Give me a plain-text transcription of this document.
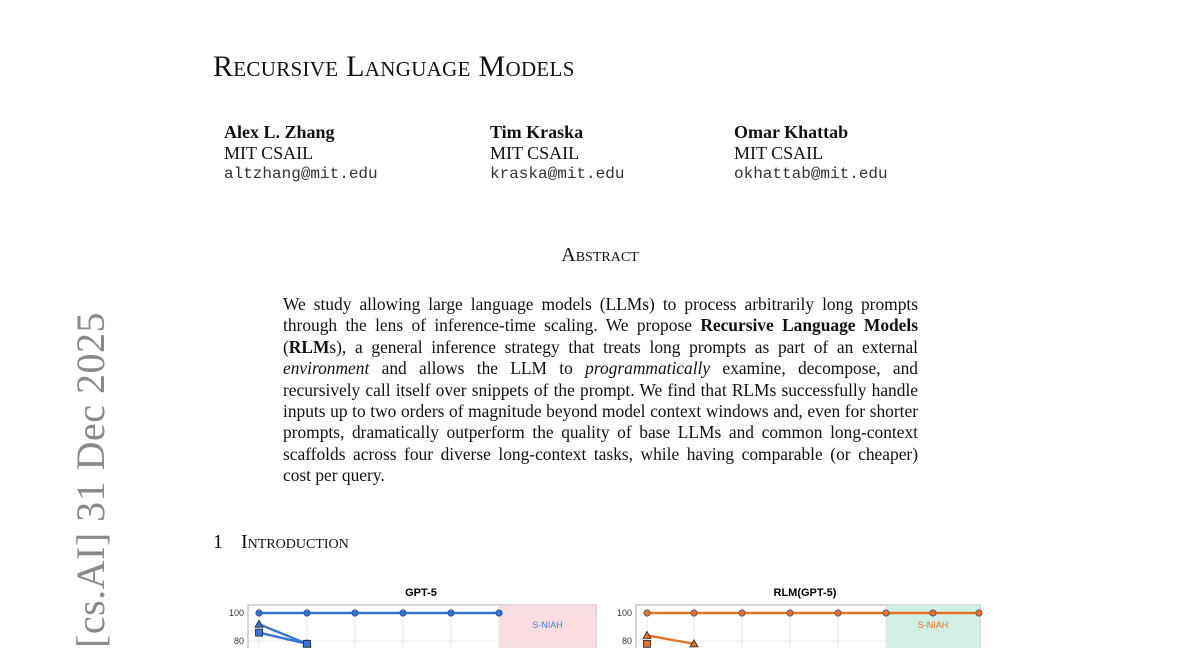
[cs.AI] 31 Dec 2025
Recursive Language Models
Alex L. Zhang
MIT CSAIL
altzhang@mit.edu
Tim Kraska
MIT CSAIL
kraska@mit.edu
Omar Khattab
MIT CSAIL
okhattab@mit.edu
Abstract

We study allowing large language models (LLMs) to process arbitrarily long prompts through the lens of inference-time scaling. We propose Recursive Language Models (RLMs), a general inference strategy that treats long prompts as part of an external environment and allows the LLM to programmatically examine, decompose, and recursively call itself over snippets of the prompt. We find that RLMs successfully handle inputs up to two orders of magnitude beyond model context windows and, even for shorter prompts, dramatically outperform the quality of base LLMs and common long-context scaffolds across four diverse long-context tasks, while having comparable (or cheaper) cost per query.

1 Introduction
100
80
GPT-5
S-NIAH
100
80
RLM(GPT-5)
S-NIAH
